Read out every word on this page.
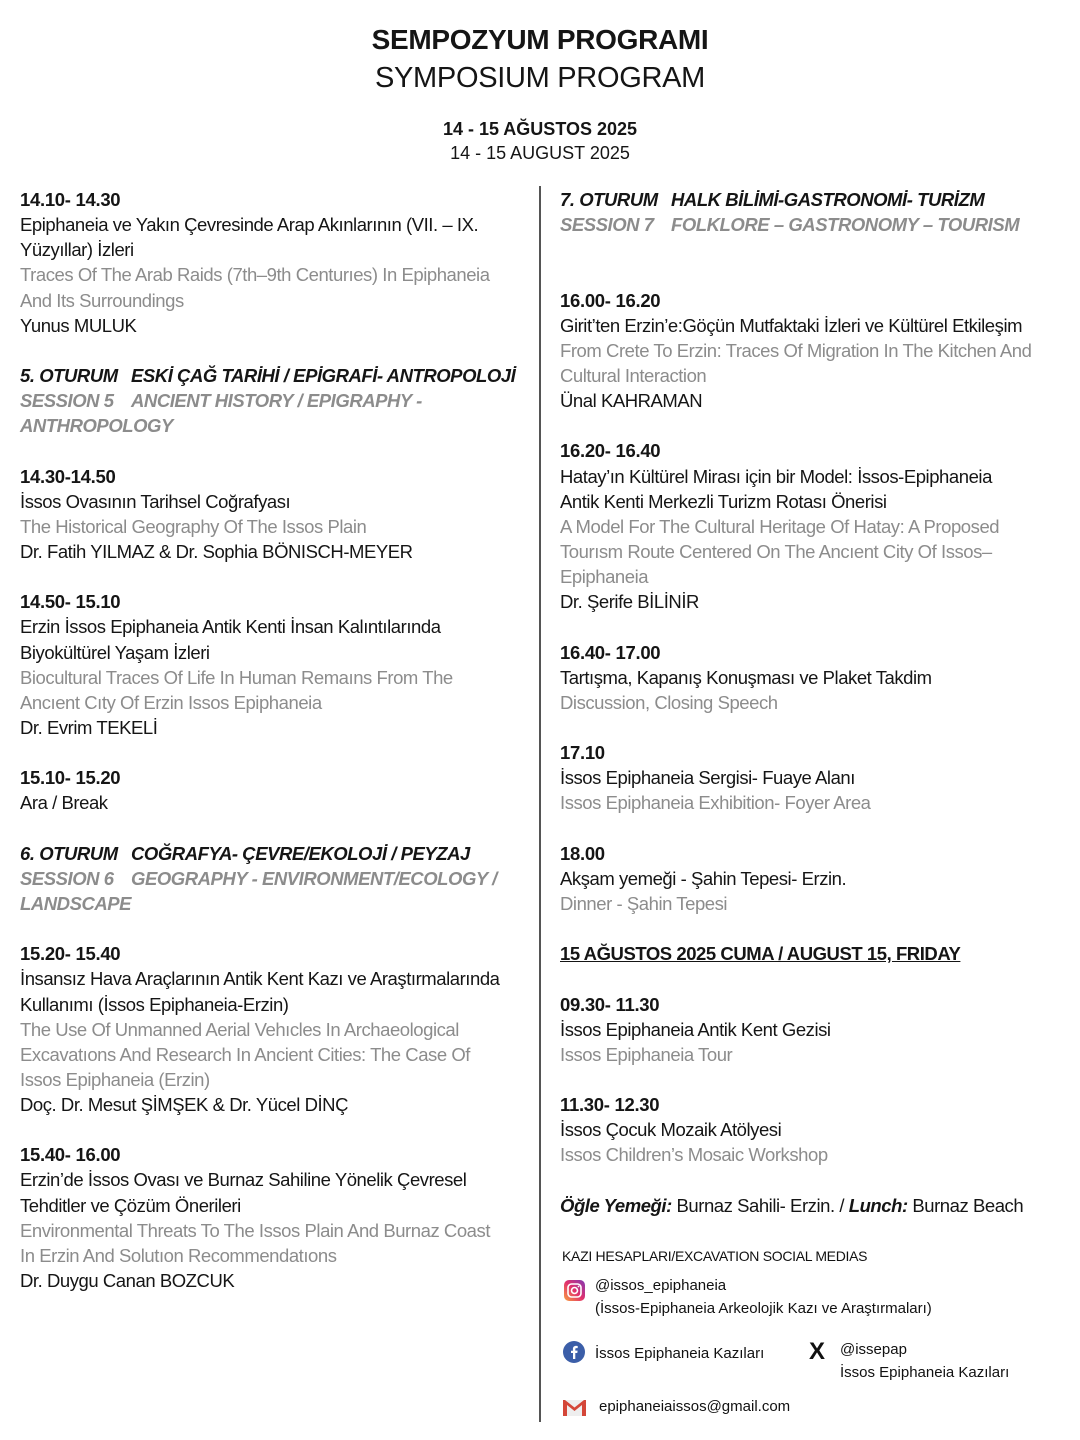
SEMPOZYUM PROGRAMI
SYMPOSIUM PROGRAM
14 - 15 AĞUSTOS 2025
14 - 15 AUGUST 2025
14.10- 14.30
Epiphaneia ve Yakın Çevresinde Arap Akınlarının (VII. – IX.
Yüzyıllar) İzleri
Traces Of The Arab Raids (7th–9th Centurıes) In Epiphaneia
And Its Surroundings
Yunus MULUK
5. OTURUM ESKİ ÇAĞ TARİHİ / EPİGRAFİ- ANTROPOLOJİ
SESSION 5 ANCIENT HISTORY / EPIGRAPHY -
ANTHROPOLOGY
14.30-14.50
İssos Ovasının Tarihsel Coğrafyası
The Historical Geography Of The Issos Plain
Dr. Fatih YILMAZ & Dr. Sophia BÖNISCH-MEYER
14.50- 15.10
Erzin İssos Epiphaneia Antik Kenti İnsan Kalıntılarında
Biyokültürel Yaşam İzleri
Biocultural Traces Of Life In Human Remaıns From The
Ancıent Cıty Of Erzin Issos Epiphaneia
Dr. Evrim TEKELİ
15.10- 15.20
Ara / Break
6. OTURUM COĞRAFYA- ÇEVRE/EKOLOJİ / PEYZAJ
SESSION 6 GEOGRAPHY - ENVIRONMENT/ECOLOGY /
LANDSCAPE
15.20- 15.40
İnsansız Hava Araçlarının Antik Kent Kazı ve Araştırmalarında
Kullanımı (İssos Epiphaneia-Erzin)
The Use Of Unmanned Aerial Vehıcles In Archaeological
Excavatıons And Research In Ancient Cities: The Case Of
Issos Epiphaneia (Erzin)
Doç. Dr. Mesut ŞİMŞEK & Dr. Yücel DİNÇ
15.40- 16.00
Erzin’de İssos Ovası ve Burnaz Sahiline Yönelik Çevresel
Tehditler ve Çözüm Önerileri
Environmental Threats To The Issos Plain And Burnaz Coast
In Erzin And Solutıon Recommendatıons
Dr. Duygu Canan BOZCUK
7. OTURUM HALK BİLİMİ-GASTRONOMİ- TURİZM
SESSION 7 FOLKLORE – GASTRONOMY – TOURISM
16.00- 16.20
Girit’ten Erzin’e:Göçün Mutfaktaki İzleri ve Kültürel Etkileşim
From Crete To Erzin: Traces Of Migration In The Kitchen And
Cultural Interaction
Ünal KAHRAMAN
16.20- 16.40
Hatay’ın Kültürel Mirası için bir Model: İssos-Epiphaneia
Antik Kenti Merkezli Turizm Rotası Önerisi
A Model For The Cultural Heritage Of Hatay: A Proposed
Tourısm Route Centered On The Ancıent City Of Issos–
Epiphaneia
Dr. Şerife BİLİNİR
16.40- 17.00
Tartışma, Kapanış Konuşması ve Plaket Takdim
Discussion, Closing Speech
17.10
İssos Epiphaneia Sergisi- Fuaye Alanı
Issos Epiphaneia Exhibition- Foyer Area
18.00
Akşam yemeği - Şahin Tepesi- Erzin.
Dinner - Şahin Tepesi
15 AĞUSTOS 2025 CUMA / AUGUST 15, FRIDAY
09.30- 11.30
İssos Epiphaneia Antik Kent Gezisi
Issos Epiphaneia Tour
11.30- 12.30
İssos Çocuk Mozaik Atölyesi
Issos Children’s Mosaic Workshop
Öğle Yemeği: Burnaz Sahili- Erzin. / Lunch: Burnaz Beach
KAZI HESAPLARI/EXCAVATION SOCIAL MEDIAS
@issos_epiphaneia
(İssos-Epiphaneia Arkeolojik Kazı ve Araştırmaları)
İssos Epiphaneia Kazıları X @issepap
İssos Epiphaneia Kazıları
epiphaneiaissos@gmail.com
